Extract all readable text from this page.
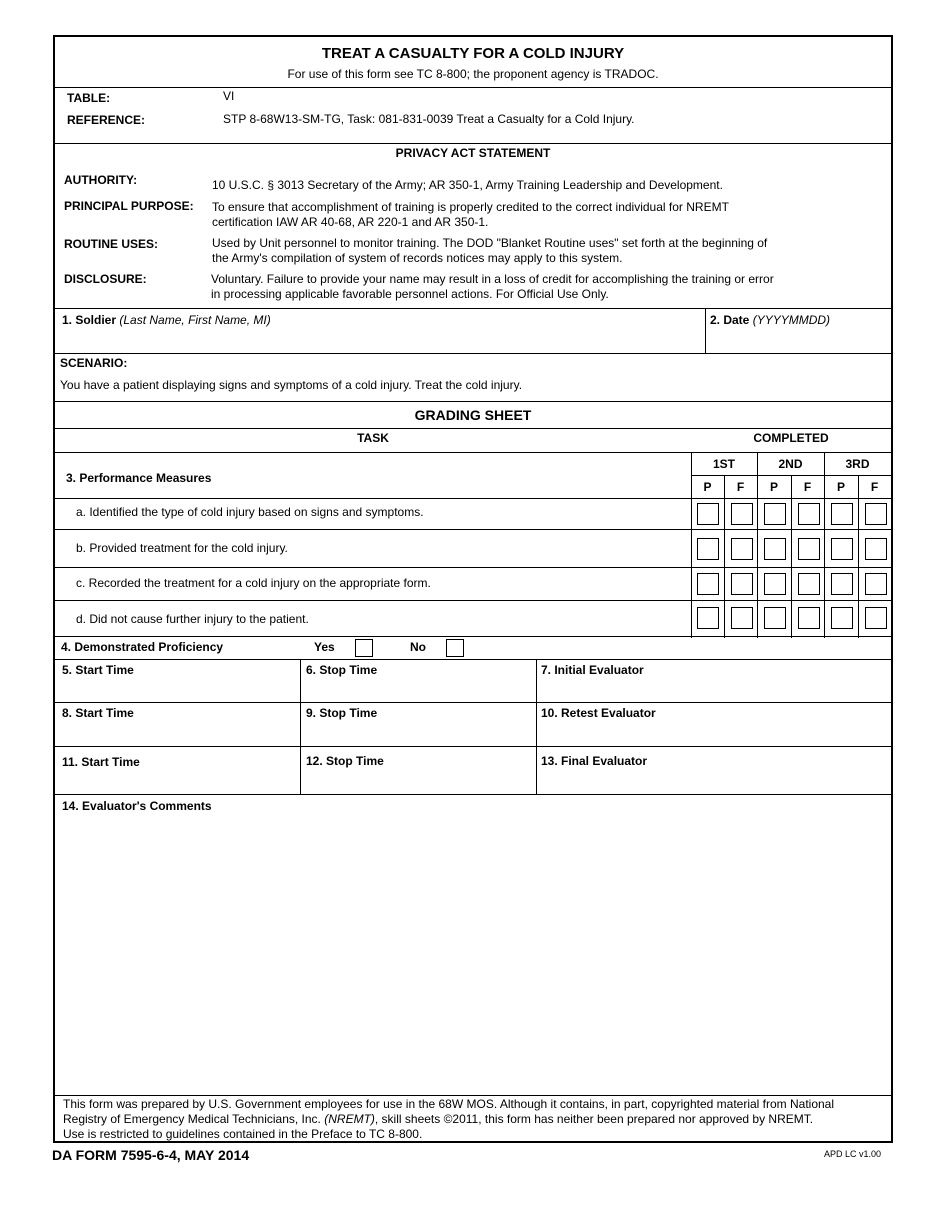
TREAT A CASUALTY FOR A COLD INJURY
For use of this form see TC 8-800; the proponent agency is TRADOC.
TABLE:	VI
REFERENCE:	STP 8-68W13-SM-TG, Task: 081-831-0039 Treat a Casualty for a Cold Injury.
PRIVACY ACT STATEMENT
AUTHORITY:	10 U.S.C. § 3013 Secretary of the Army; AR 350-1, Army Training Leadership and Development.
PRINCIPAL PURPOSE: To ensure that accomplishment of training is properly credited to the correct individual for NREMT
certification IAW AR 40-68, AR 220-1 and AR 350-1.
ROUTINE USES:	Used by Unit personnel to monitor training. The DOD "Blanket Routine uses" set forth at the beginning of
the Army's compilation of system of records notices may apply to this system.
DISCLOSURE:	Voluntary. Failure to provide your name may result in a loss of credit for accomplishing the training or error
in processing applicable favorable personnel actions. For Official Use Only.
1. Soldier (Last Name, First Name, MI)	2. Date (YYYYMMDD)
SCENARIO:
You have a patient displaying signs and symptoms of a cold injury. Treat the cold injury.
GRADING SHEET
TASK	COMPLETED
1ST	2ND	3RD
P	F	P	F	P	F
3. Performance Measures
a. Identified the type of cold injury based on signs and symptoms.
b. Provided treatment for the cold injury.
c. Recorded the treatment for a cold injury on the appropriate form.
d. Did not cause further injury to the patient.
4. Demonstrated Proficiency	Yes	No
5. Start Time	6. Stop Time	7. Initial Evaluator
8. Start Time	9. Stop Time	10. Retest Evaluator
11. Start Time	12. Stop Time	13. Final Evaluator
14. Evaluator's Comments
This form was prepared by U.S. Government employees for use in the 68W MOS. Although it contains, in part, copyrighted material from National
Registry of Emergency Medical Technicians, Inc. (NREMT), skill sheets ©2011, this form has neither been prepared nor approved by NREMT.
Use is restricted to guidelines contained in the Preface to TC 8-800.
DA FORM 7595-6-4, MAY 2014	APD LC v1.00
